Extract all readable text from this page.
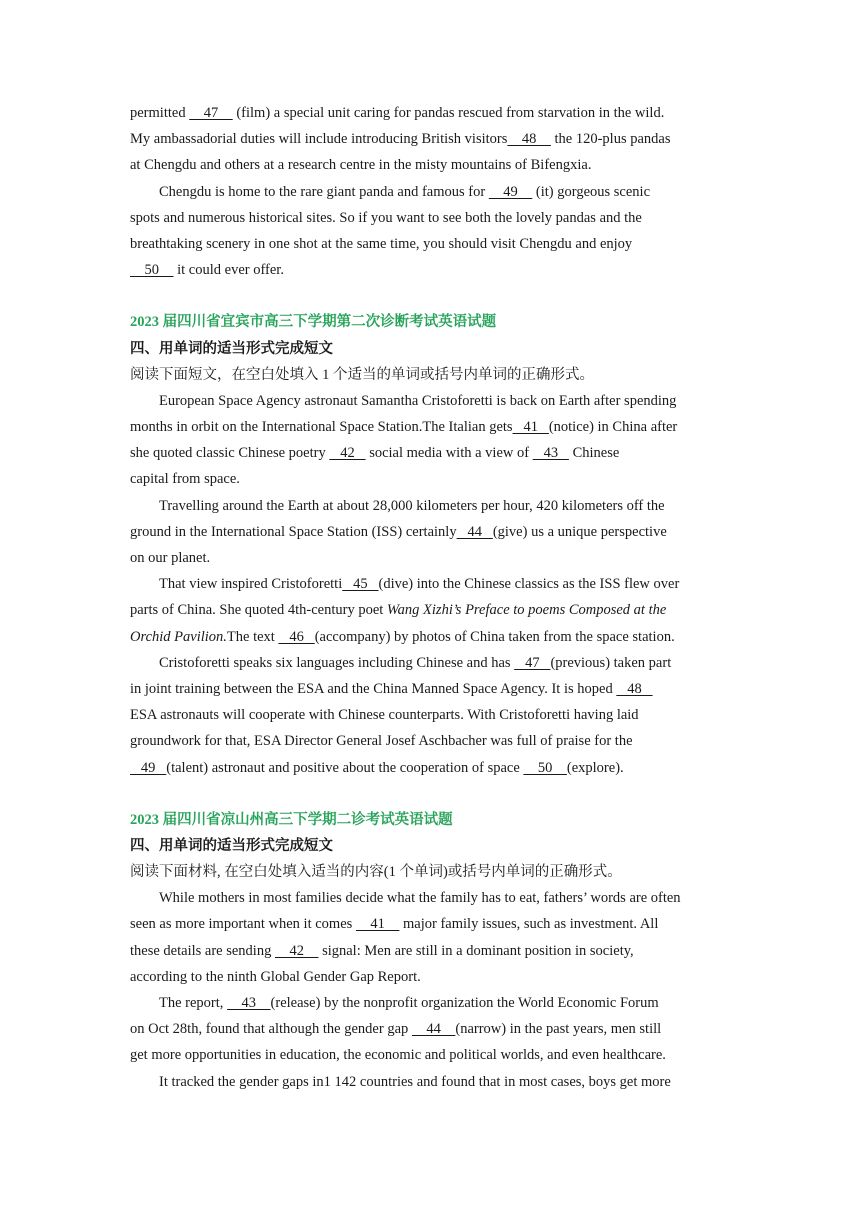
permitted     47     (film) a special unit caring for pandas rescued from starvation in the wild.
My ambassadorial duties will include introducing British visitors    48     the 120-plus pandas
at Chengdu and others at a research centre in the misty mountains of Bifengxia.
Chengdu is home to the rare giant panda and famous for     49     (it) gorgeous scenic
spots and numerous historical sites. So if you want to see both the lovely pandas and the
breathtaking scenery in one shot at the same time, you should visit Chengdu and enjoy
50     it could ever offer.
2023 届四川省宜宾市高三下学期第二次诊断考试英语试题
四、用单词的适当形式完成短文
阅读下面短文，在空白处填入 1 个适当的单词或括号内单词的正确形式。
European Space Agency astronaut Samantha Cristoforetti is back on Earth after spending
months in orbit on the International Space Station.The Italian gets   41   (notice) in China after
she quoted classic Chinese poetry    42    social media with a view of    43    Chinese
capital from space.
Travelling around the Earth at about 28,000 kilometers per hour, 420 kilometers off the
ground in the International Space Station (ISS) certainly   44   (give) us a unique perspective
on our planet.
That view inspired Cristoforetti   45   (dive) into the Chinese classics as the ISS flew over
parts of China. She quoted 4th-century poet Wang Xizhi’s Preface to poems Composed at the
Orchid Pavilion.The text    46   (accompany) by photos of China taken from the space station.
Cristoforetti speaks six languages including Chinese and has    47   (previous) taken part
in joint training between the ESA and the China Manned Space Agency. It is hoped    48
ESA astronauts will cooperate with Chinese counterparts. With Cristoforetti having laid
groundwork for that, ESA Director General Josef Aschbacher was full of praise for the
49   (talent) astronaut and positive about the cooperation of space     50    (explore).
2023 届四川省凉山州高三下学期二诊考试英语试题
四、用单词的适当形式完成短文
阅读下面材料, 在空白处填入适当的内容(1 个单词)或括号内单词的正确形式。
While mothers in most families decide what the family has to eat, fathers’ words are often
seen as more important when it comes     41     major family issues, such as investment. All
these details are sending     42     signal: Men are still in a dominant position in society,
according to the ninth Global Gender Gap Report.
The report,     43    (release) by the nonprofit organization the World Economic Forum
on Oct 28th, found that although the gender gap     44    (narrow) in the past years, men still
get more opportunities in education, the economic and political worlds, and even healthcare.
It tracked the gender gaps in1 142 countries and found that in most cases, boys get more
